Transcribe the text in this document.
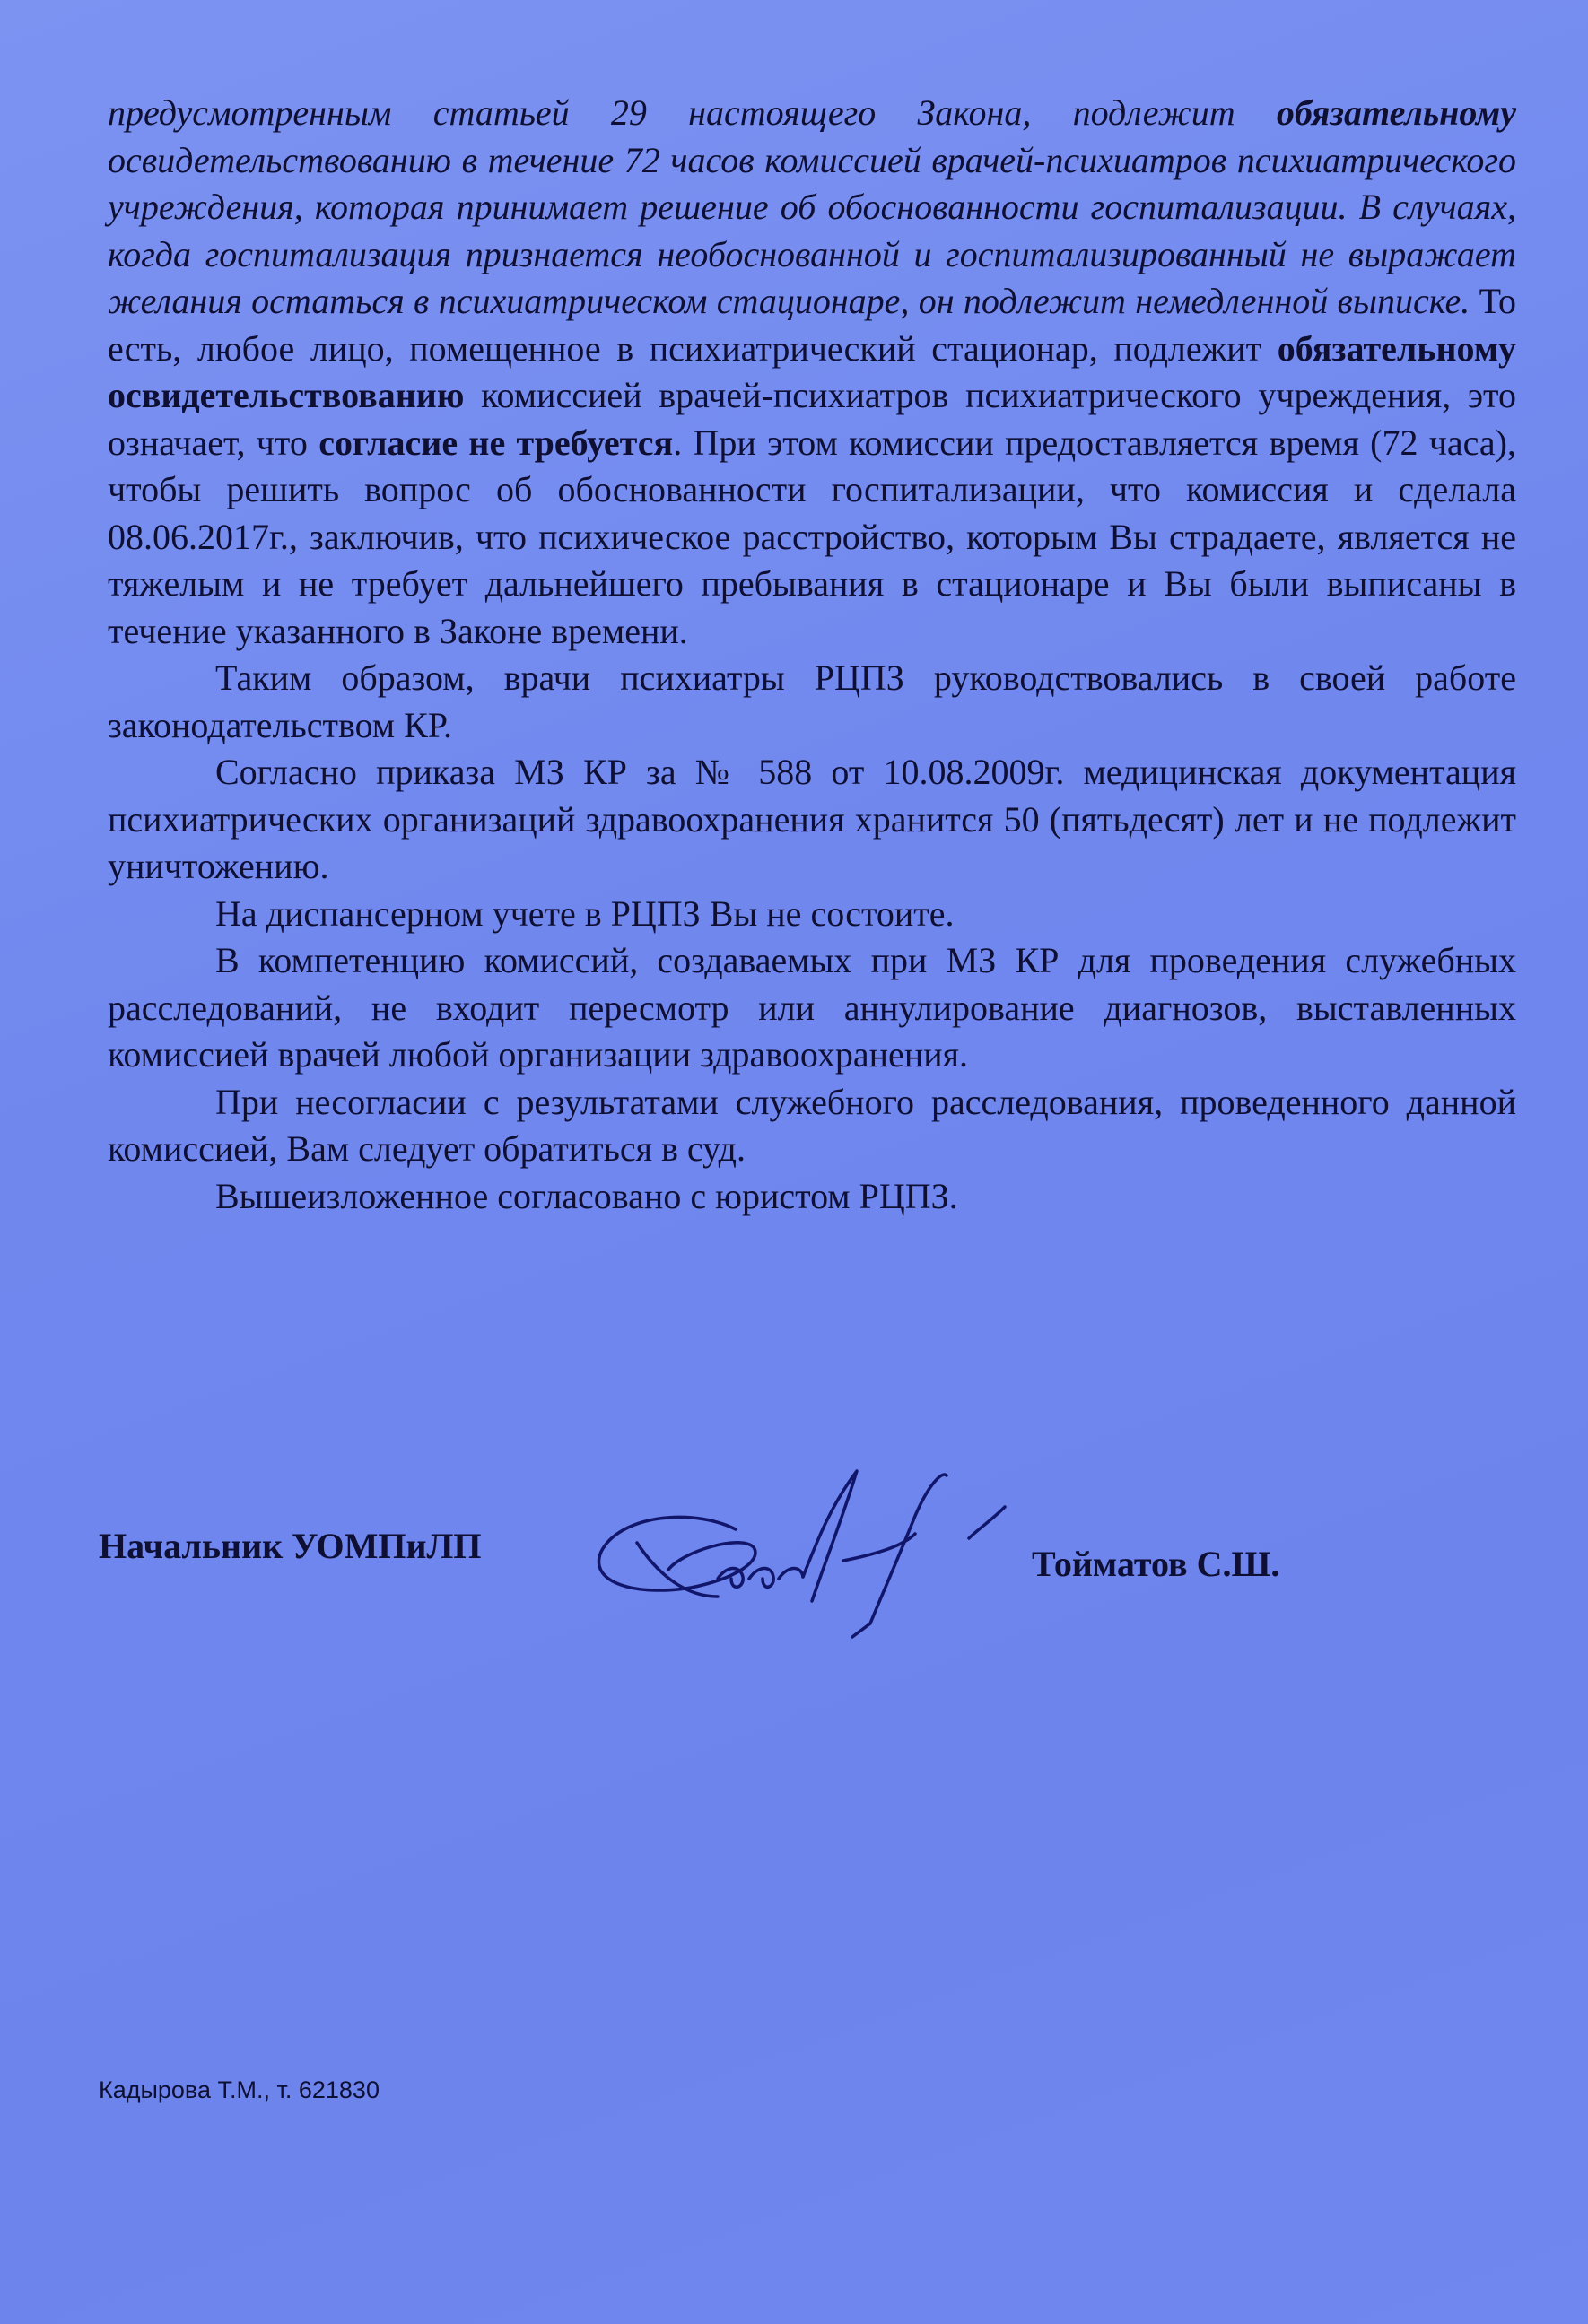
предусмотренным статьей 29 настоящего Закона, подлежит обязательному освидетельствованию в течение 72 часов комиссией врачей-психиатров психиатрического учреждения, которая принимает решение об обоснованности госпитализации. В случаях, когда госпитализация признается необоснованной и госпитализированный не выражает желания остаться в психиатрическом стационаре, он подлежит немедленной выписке. То есть, любое лицо, помещенное в психиатрический стационар, подлежит обязательному освидетельствованию комиссией врачей-психиатров психиатрического учреждения, это означает, что согласие не требуется. При этом комиссии предоставляется время (72 часа), чтобы решить вопрос об обоснованности госпитализации, что комиссия и сделала 08.06.2017г., заключив, что психическое расстройство, которым Вы страдаете, является не тяжелым и не требует дальнейшего пребывания в стационаре и Вы были выписаны в течение указанного в Законе времени.

Таким образом, врачи психиатры РЦПЗ руководствовались в своей работе законодательством КР.

Согласно приказа МЗ КР за № 588 от 10.08.2009г. медицинская документация психиатрических организаций здравоохранения хранится 50 (пятьдесят) лет и не подлежит уничтожению.

На диспансерном учете в РЦПЗ Вы не состоите.

В компетенцию комиссий, создаваемых при МЗ КР для проведения служебных расследований, не входит пересмотр или аннулирование диагнозов, выставленных комиссией врачей любой организации здравоохранения.

При несогласии с результатами служебного расследования, проведенного данной комиссией, Вам следует обратиться в суд.

Вышеизложенное согласовано с юристом РЦПЗ.

Начальник УОМПиЛП	Тойматов С.Ш.
Кадырова Т.М., т. 621830
